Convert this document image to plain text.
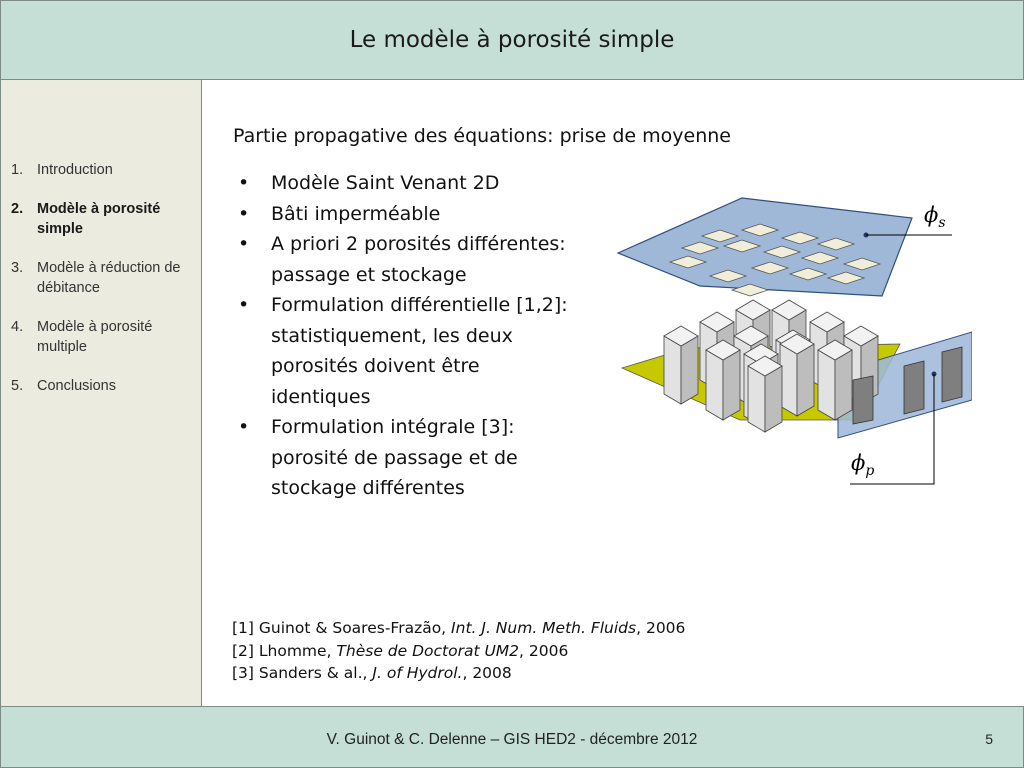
Le modèle à porosité simple
1. Introduction
2. Modèle à porosité simple
3. Modèle à réduction de débitance
4. Modèle à porosité multiple
5. Conclusions
Partie propagative des équations: prise de moyenne
•	Modèle Saint Venant 2D
•	Bâti imperméable
•	A priori 2 porosités différentes: passage et stockage
•	Formulation différentielle [1,2]: statistiquement, les deux porosités doivent être identiques
•	Formulation intégrale [3]: porosité de passage et de stockage différentes
[1] Guinot & Soares-Frazão, Int. J. Num. Meth. Fluids, 2006
[2] Lhomme, Thèse de Doctorat UM2, 2006
[3] Sanders & al., J. of Hydrol., 2008
$\phi_s$
$\phi_p$
V. Guinot & C. Delenne – GIS HED2 - décembre 2012	5
